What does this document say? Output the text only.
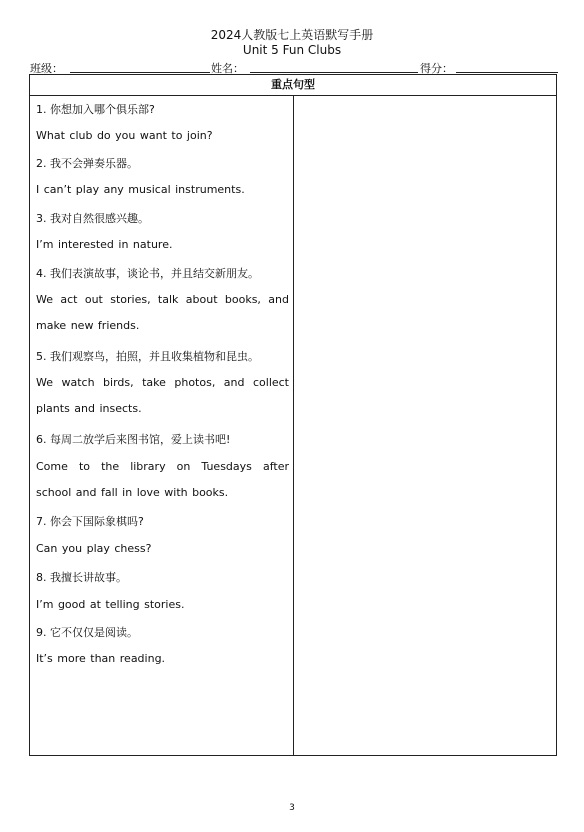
2024人教版七上英语默写手册
Unit 5 Fun Clubs
班级：	姓名：	得分：
重点句型
1. 你想加入哪个俱乐部?
What club do you want to join?
2. 我不会弹奏乐器。
I can’t play any musical instruments.
3. 我对自然很感兴趣。
I’m interested in nature.
4. 我们表演故事，谈论书，并且结交新朋友。
We act out stories, talk about books, and
make new friends.
5. 我们观察鸟，拍照，并且收集植物和昆虫。
We watch birds, take photos, and collect
plants and insects.
6. 每周二放学后来图书馆，爱上读书吧!
Come to the library on Tuesdays after
school and fall in love with books.
7. 你会下国际象棋吗?
Can you play chess?
8. 我擅长讲故事。
I’m good at telling stories.
9. 它不仅仅是阅读。
It’s more than reading.
3
